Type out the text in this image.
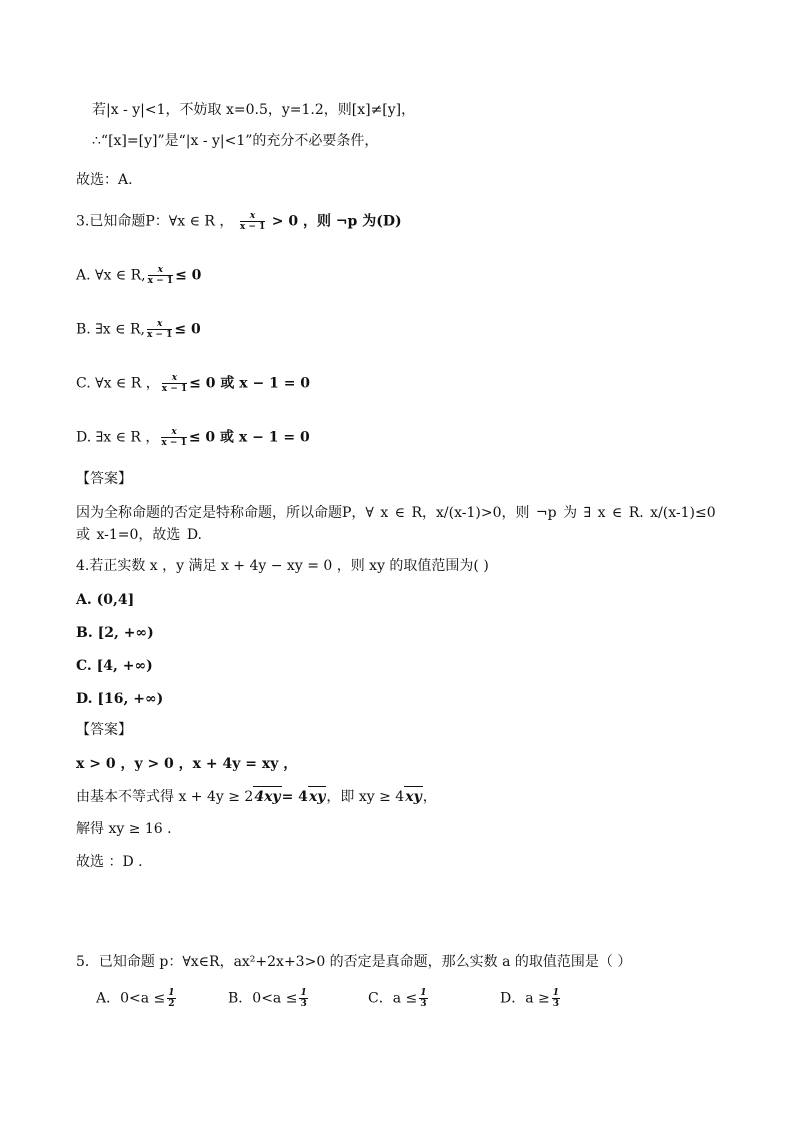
若|x - y|<1，不妨取 x=0.5，y=1.2，则[x]≠[y]，
∴“[x]=[y]”是“|x - y|<1”的充分不必要条件，
故选：A.
3.已知命题P：∀x ∈ R ， $\frac{x}{x - 1} > 0$ ，则 ¬p 为(D)
A. ∀x ∈ R, $\frac{x}{x - 1} \le 0$
B. ∃x ∈ R, $\frac{x}{x - 1} \le 0$
C. ∀x ∈ R ， $\frac{x}{x - 1} \le 0$ 或 x − 1 = 0
D. ∃x ∈ R ， $\frac{x}{x - 1} \le 0$ 或 x − 1 = 0
【答案】
因为全称命题的否定是特称命题，所以命题P，∀ x ∈ R，x/(x-1)>0，则 ¬p 为 ∃ x ∈ R. x/(x-1)≤0 或 x-1=0，故选 D.
4.若正实数 x ，y 满足 x + 4y − xy = 0 ，则 xy 的取值范围为( )
A. (0,4]
B. [2, +∞)
C. [4, +∞)
D. [16, +∞)
【答案】
x > 0 ，y > 0 ，x + 4y = xy ，
由基本不等式得 x + 4y ≥ 24xy= 4xy，即 xy ≥ 4xy，
解得 xy ≥ 16 .
故选 ：D .
5．已知命题 p：∀x∈R，ax²+2x+3>0 的否定是真命题，那么实数 a 的取值范围是（ ）
A．$0<a \le \frac{1}{2}$	B．$0<a \le \frac{1}{3}$	C．$a \le \frac{1}{3}$	D．$a \ge \frac{1}{3}$
